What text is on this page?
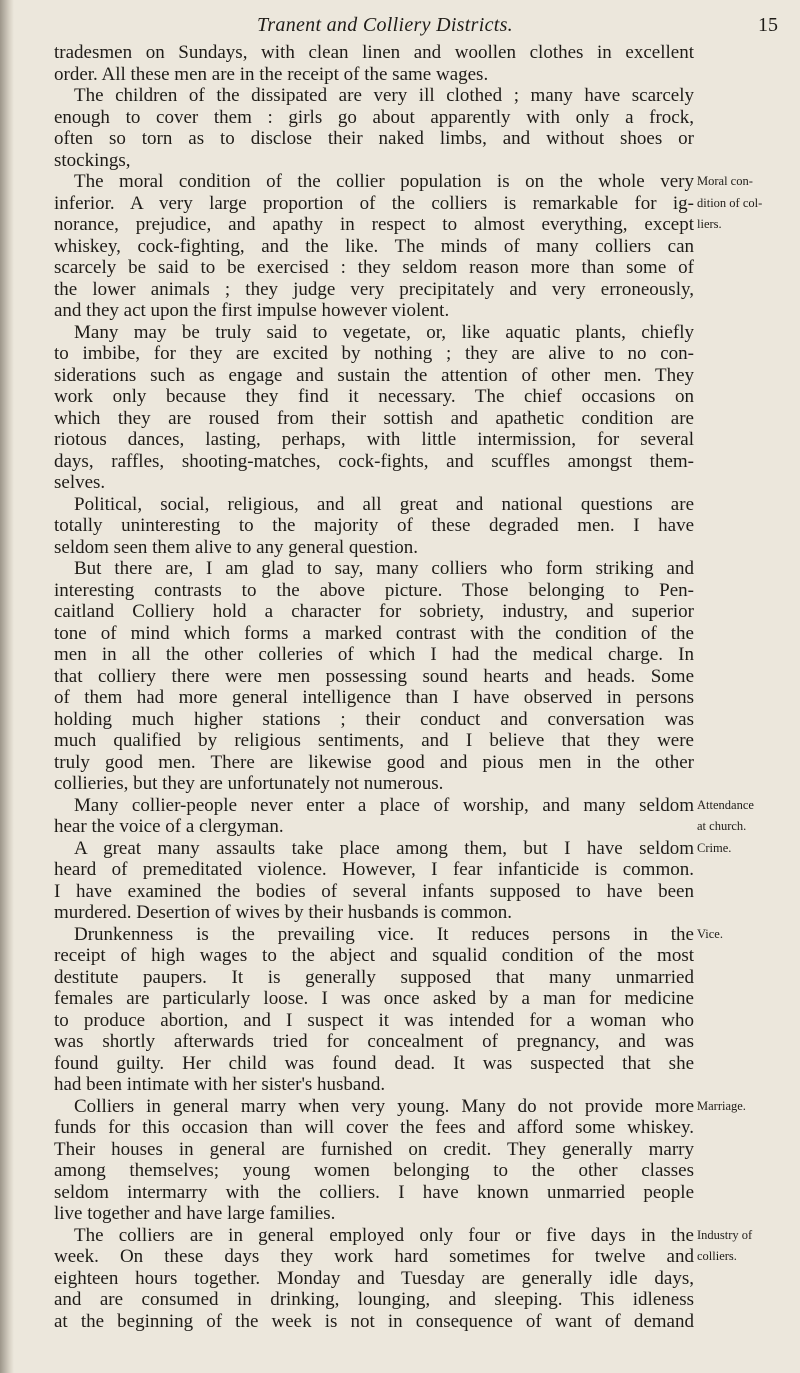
Tranent and Colliery Districts.	15
tradesmen on Sundays, with clean linen and woollen clothes in excellent
order. All these men are in the receipt of the same wages.
The children of the dissipated are very ill clothed ; many have scarcely
enough to cover them : girls go about apparently with only a frock,
often so torn as to disclose their naked limbs, and without shoes or
stockings,
The moral condition of the collier population is on the whole very Moral con-
inferior. A very large proportion of the colliers is remarkable for ig- dition of col-
norance, prejudice, and apathy in respect to almost everything, except liers.
whiskey, cock-fighting, and the like. The minds of many colliers can
scarcely be said to be exercised : they seldom reason more than some of
the lower animals ; they judge very precipitately and very erroneously,
and they act upon the first impulse however violent.
Many may be truly said to vegetate, or, like aquatic plants, chiefly
to imbibe, for they are excited by nothing ; they are alive to no con-
siderations such as engage and sustain the attention of other men. They
work only because they find it necessary. The chief occasions on
which they are roused from their sottish and apathetic condition are
riotous dances, lasting, perhaps, with little intermission, for several
days, raffles, shooting-matches, cock-fights, and scuffles amongst them-
selves.
Political, social, religious, and all great and national questions are
totally uninteresting to the majority of these degraded men. I have
seldom seen them alive to any general question.
But there are, I am glad to say, many colliers who form striking and
interesting contrasts to the above picture. Those belonging to Pen-
caitland Colliery hold a character for sobriety, industry, and superior
tone of mind which forms a marked contrast with the condition of the
men in all the other colleries of which I had the medical charge. In
that colliery there were men possessing sound hearts and heads. Some
of them had more general intelligence than I have observed in persons
holding much higher stations ; their conduct and conversation was
much qualified by religious sentiments, and I believe that they were
truly good men. There are likewise good and pious men in the other
collieries, but they are unfortunately not numerous.
Many collier-people never enter a place of worship, and many seldom Attendance
hear the voice of a clergyman.	at church.
A great many assaults take place among them, but I have seldom Crime.
heard of premeditated violence. However, I fear infanticide is common.
I have examined the bodies of several infants supposed to have been
murdered. Desertion of wives by their husbands is common.
Drunkenness is the prevailing vice. It reduces persons in the Vice.
receipt of high wages to the abject and squalid condition of the most
destitute paupers. It is generally supposed that many unmarried
females are particularly loose. I was once asked by a man for medicine
to produce abortion, and I suspect it was intended for a woman who
was shortly afterwards tried for concealment of pregnancy, and was
found guilty. Her child was found dead. It was suspected that she
had been intimate with her sister's husband.
Colliers in general marry when very young. Many do not provide more Marriage.
funds for this occasion than will cover the fees and afford some whiskey.
Their houses in general are furnished on credit. They generally marry
among themselves; young women belonging to the other classes
seldom intermarry with the colliers. I have known unmarried people
live together and have large families.
The colliers are in general employed only four or five days in the Industry of
week. On these days they work hard sometimes for twelve and colliers.
eighteen hours together. Monday and Tuesday are generally idle days,
and are consumed in drinking, lounging, and sleeping. This idleness
at the beginning of the week is not in consequence of want of demand
